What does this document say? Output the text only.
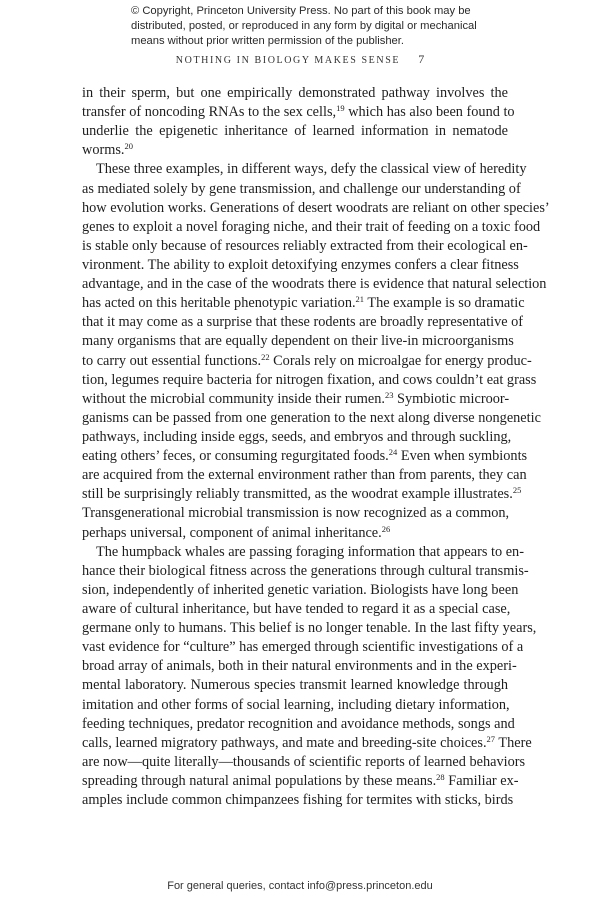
© Copyright, Princeton University Press. No part of this book may be
distributed, posted, or reproduced in any form by digital or mechanical
means without prior written permission of the publisher.
NOTHING IN BIOLOGY MAKES SENSE 7
in their sperm, but one empirically demonstrated pathway involves the
transfer of noncoding RNAs to the sex cells,$^{19}$ which has also been found to
underlie the epigenetic inheritance of learned information in nematode
worms.$^{20}$
These three examples, in different ways, defy the classical view of heredity
as mediated solely by gene transmission, and challenge our understanding of
how evolution works. Generations of desert woodrats are reliant on other species’
genes to exploit a novel foraging niche, and their trait of feeding on a toxic food
is stable only because of resources reliably extracted from their ecological en-
vironment. The ability to exploit detoxifying enzymes confers a clear fitness
advantage, and in the case of the woodrats there is evidence that natural selection
has acted on this heritable phenotypic variation.$^{21}$ The example is so dramatic
that it may come as a surprise that these rodents are broadly representative of
many organisms that are equally dependent on their live-in microorganisms
to carry out essential functions.$^{22}$ Corals rely on microalgae for energy produc-
tion, legumes require bacteria for nitrogen fixation, and cows couldn’t eat grass
without the microbial community inside their rumen.$^{23}$ Symbiotic microor-
ganisms can be passed from one generation to the next along diverse nongenetic
pathways, including inside eggs, seeds, and embryos and through suckling,
eating others’ feces, or consuming regurgitated foods.$^{24}$ Even when symbionts
are acquired from the external environment rather than from parents, they can
still be surprisingly reliably transmitted, as the woodrat example illustrates.$^{25}$
Transgenerational microbial transmission is now recognized as a common,
perhaps universal, component of animal inheritance.$^{26}$
The humpback whales are passing foraging information that appears to en-
hance their biological fitness across the generations through cultural transmis-
sion, independently of inherited genetic variation. Biologists have long been
aware of cultural inheritance, but have tended to regard it as a special case,
germane only to humans. This belief is no longer tenable. In the last fifty years,
vast evidence for “culture” has emerged through scientific investigations of a
broad array of animals, both in their natural environments and in the experi-
mental laboratory. Numerous species transmit learned knowledge through
imitation and other forms of social learning, including dietary information,
feeding techniques, predator recognition and avoidance methods, songs and
calls, learned migratory pathways, and mate and breeding-site choices.$^{27}$ There
are now—quite literally—thousands of scientific reports of learned behaviors
spreading through natural animal populations by these means.$^{28}$ Familiar ex-
amples include common chimpanzees fishing for termites with sticks, birds
For general queries, contact info@press.princeton.edu
